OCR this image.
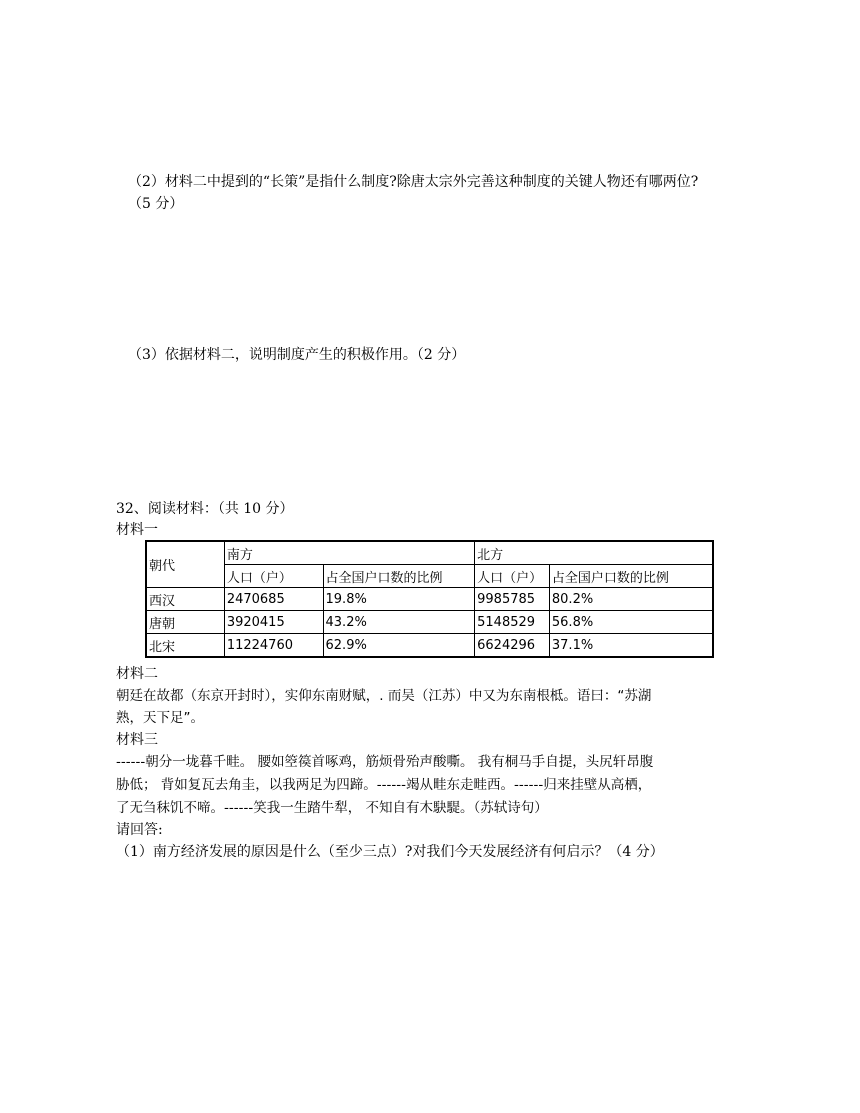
（2）材料二中提到的“长策”是指什么制度?除唐太宗外完善这种制度的关键人物还有哪两位?
（5 分）
（3）依据材料二，说明制度产生的积极作用。（2 分）
32、阅读材料：（共 10 分）
材料一
朝代	南方		北方	
	人口（户）	占全国户口数的比例	人口（户）	占全国户口数的比例
西汉	2470685	19.8%	9985785	80.2%
唐朝	3920415	43.2%	5148529	56.8%
北宋	11224760	62.9%	6624296	37.1%
材料二
朝廷在故都（东京开封时），实仰东南财赋，. 而吴（江苏）中又为东南根柢。语曰：“苏湖
熟，天下足”。
材料三
------朝分一垅暮千畦。 腰如箜篌首啄鸡，筋烦骨殆声酸嘶。 我有桐马手自提，头尻轩昂腹
胁低； 背如复瓦去角圭，以我两足为四蹄。------竭从畦东走畦西。------归来挂壁从高栖，
了无刍秣饥不啼。------笑我一生踏牛犁， 不知自有木駃騠。（苏轼诗句）
请回答:
（1）南方经济发展的原因是什么（至少三点）?对我们今天发展经济有何启示？（4 分）
